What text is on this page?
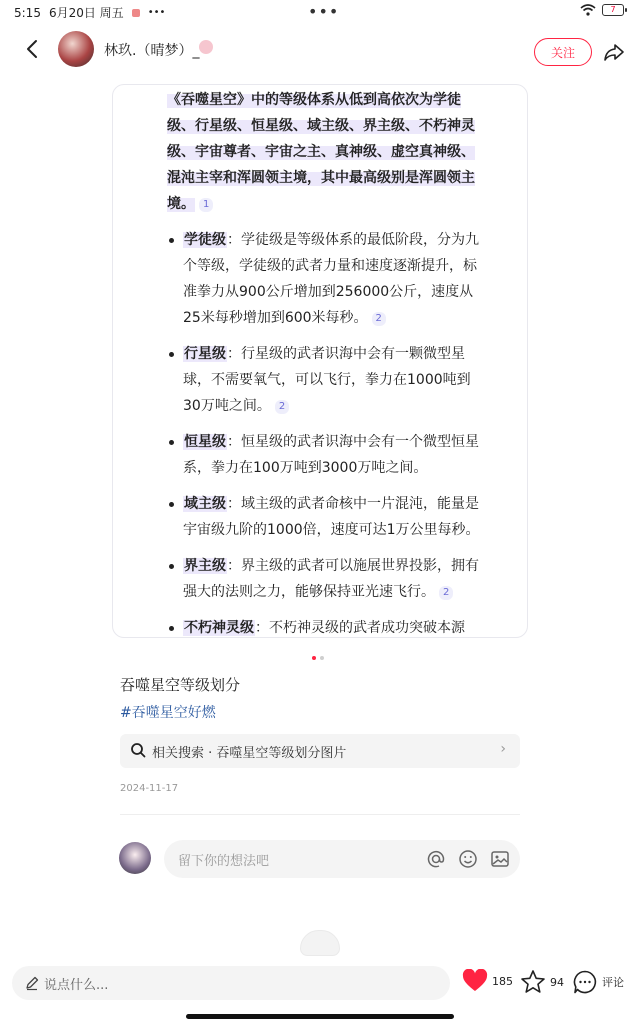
5:15 6月20日 周五 •••	•••	7
林玖.（晴梦）_	关注
《吞噬星空》中的等级体系从低到高依次为学徒级、行星级、恒星级、域主级、界主级、不朽神灵级、宇宙尊者、宇宙之主、真神级、虚空真神级、混沌主宰和浑圆领主境，其中最高级别是浑圆领主境。 1
学徒级：学徒级是等级体系的最低阶段，分为九个等级，学徒级的武者力量和速度逐渐提升，标准拳力从900公斤增加到256000公斤，速度从25米每秒增加到600米每秒。 2
行星级：行星级的武者识海中会有一颗微型星球，不需要氧气，可以飞行，拳力在1000吨到30万吨之间。 2
恒星级：恒星级的武者识海中会有一个微型恒星系，拳力在100万吨到3000万吨之间。
域主级：域主级的武者命核中一片混沌，能量是宇宙级九阶的1000倍，速度可达1万公里每秒。
界主级：界主级的武者可以施展世界投影，拥有强大的法则之力，能够保持亚光速飞行。 2
不朽神灵级：不朽神灵级的武者成功突破本源
吞噬星空等级划分
#吞噬星空好燃
相关搜索 · 吞噬星空等级划分图片	›
2024-11-17
留下你的想法吧
说点什么...	185	94	评论
